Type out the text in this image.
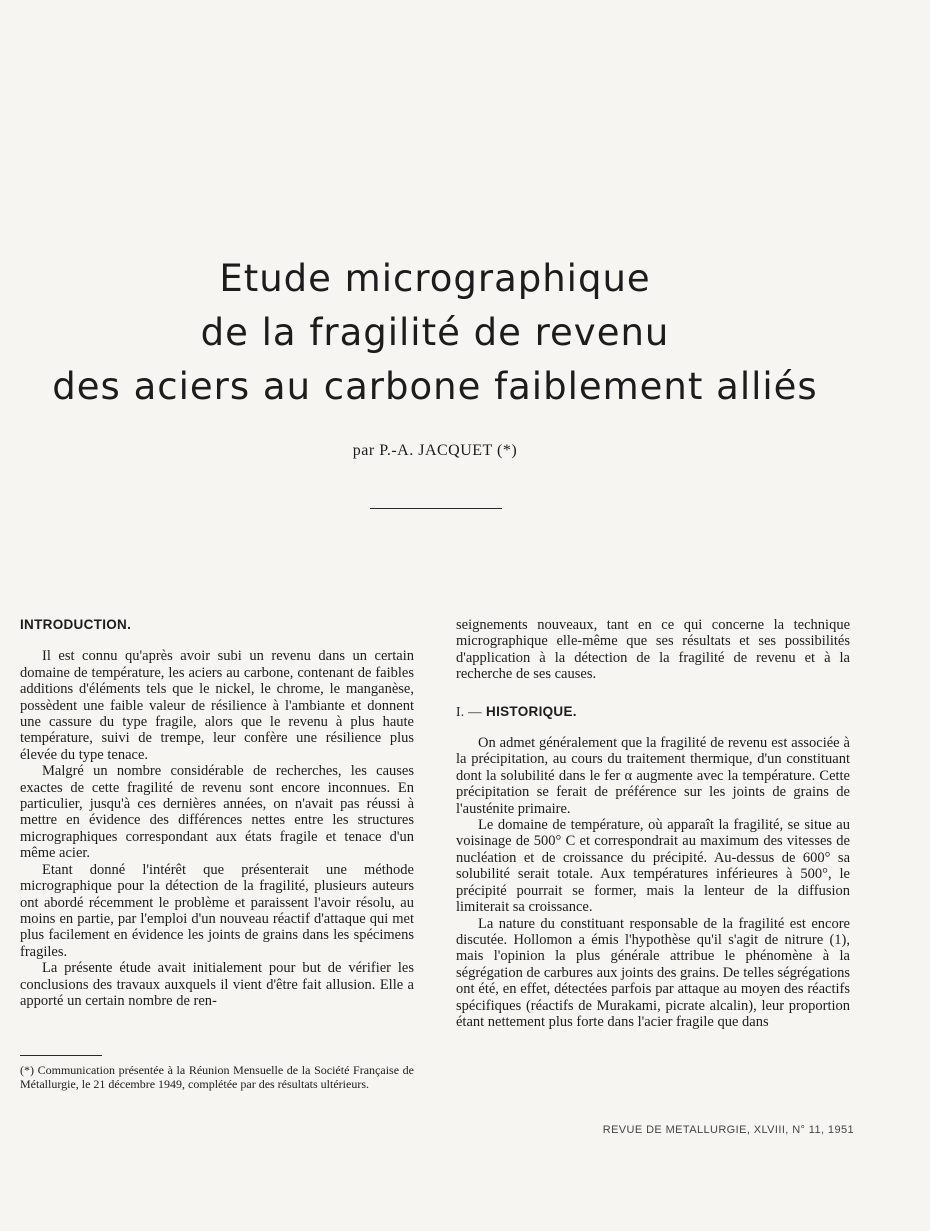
Etude micrographique
de la fragilité de revenu
des aciers au carbone faiblement alliés
par P.-A. JACQUET (*)
INTRODUCTION.

Il est connu qu'après avoir subi un revenu dans un certain domaine de température, les aciers au carbone, contenant de faibles additions d'éléments tels que le nickel, le chrome, le manganèse, possèdent une faible valeur de résilience à l'ambiante et donnent une cassure du type fragile, alors que le revenu à plus haute température, suivi de trempe, leur confère une résilience plus élevée du type tenace.

Malgré un nombre considérable de recherches, les causes exactes de cette fragilité de revenu sont encore inconnues. En particulier, jusqu'à ces dernières années, on n'avait pas réussi à mettre en évidence des différences nettes entre les structures micrographiques correspondant aux états fragile et tenace d'un même acier.

Etant donné l'intérêt que présenterait une méthode micrographique pour la détection de la fragilité, plusieurs auteurs ont abordé récemment le problème et paraissent l'avoir résolu, au moins en partie, par l'emploi d'un nouveau réactif d'attaque qui met plus facilement en évidence les joints de grains dans les spécimens fragiles.

La présente étude avait initialement pour but de vérifier les conclusions des travaux auxquels il vient d'être fait allusion. Elle a apporté un certain nombre de ren-

seignements nouveaux, tant en ce qui concerne la technique micrographique elle-même que ses résultats et ses possibilités d'application à la détection de la fragilité de revenu et à la recherche de ses causes.

I. — HISTORIQUE.

On admet généralement que la fragilité de revenu est associée à la précipitation, au cours du traitement thermique, d'un constituant dont la solubilité dans le fer α augmente avec la température. Cette précipitation se ferait de préférence sur les joints de grains de l'austénite primaire.

Le domaine de température, où apparaît la fragilité, se situe au voisinage de 500° C et correspondrait au maximum des vitesses de nucléation et de croissance du précipité. Au-dessus de 600° sa solubilité serait totale. Aux températures inférieures à 500°, le précipité pourrait se former, mais la lenteur de la diffusion limiterait sa croissance.

La nature du constituant responsable de la fragilité est encore discutée. Hollomon a émis l'hypothèse qu'il s'agit de nitrure (1), mais l'opinion la plus générale attribue le phénomène à la ségrégation de carbures aux joints des grains. De telles ségrégations ont été, en effet, détectées parfois par attaque au moyen des réactifs spécifiques (réactifs de Murakami, picrate alcalin), leur proportion étant nettement plus forte dans l'acier fragile que dans

(*) Communication présentée à la Réunion Mensuelle de la Société Française de Métallurgie, le 21 décembre 1949, complétée par des résultats ultérieurs.
REVUE DE METALLURGIE, XLVIII, N° 11, 1951
